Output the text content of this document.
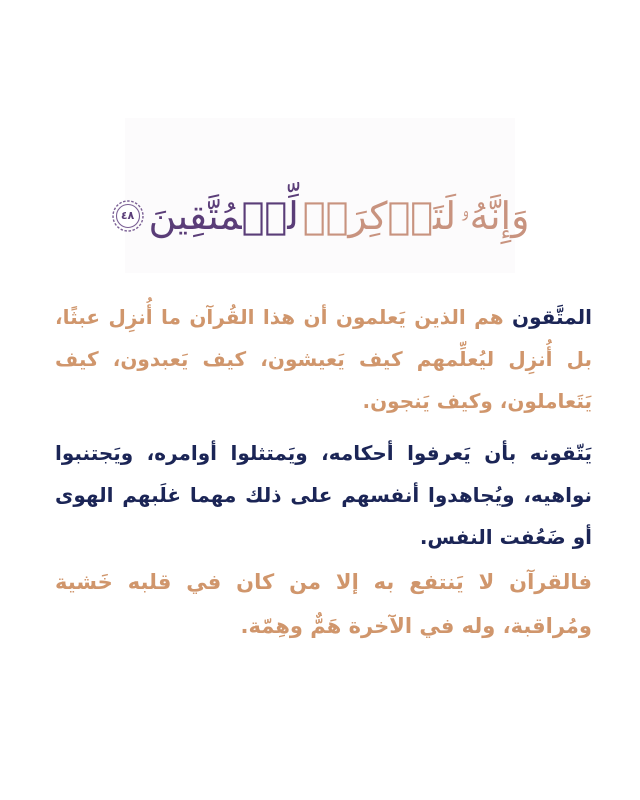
وَإِنَّهُۥ
لَتَذۡكِرَةٞ
لِّلۡمُتَّقِينَ
٤٨

المتَّقون هم الذين يَعلمون أن هذا القُرآن ما أُنزِل عبثًا، بل أُنزِل ليُعلِّمهم كيف يَعيشون، كيف يَعبدون، كيف يَتَعاملون، وكيف يَنجون.

يَتّقونه بأن يَعرفوا أحكامه، ويَمتثلوا أوامره، ويَجتنبوا نواهيه، ويُجاهدوا أنفسهم على ذلك مهما غلَبهم الهوى أو ضَعُفت النفس.

فالقرآن لا يَنتفع به إلا من كان في قلبه خَشية ومُراقبة، وله في الآخرة هَمٌّ وهِمّة.
